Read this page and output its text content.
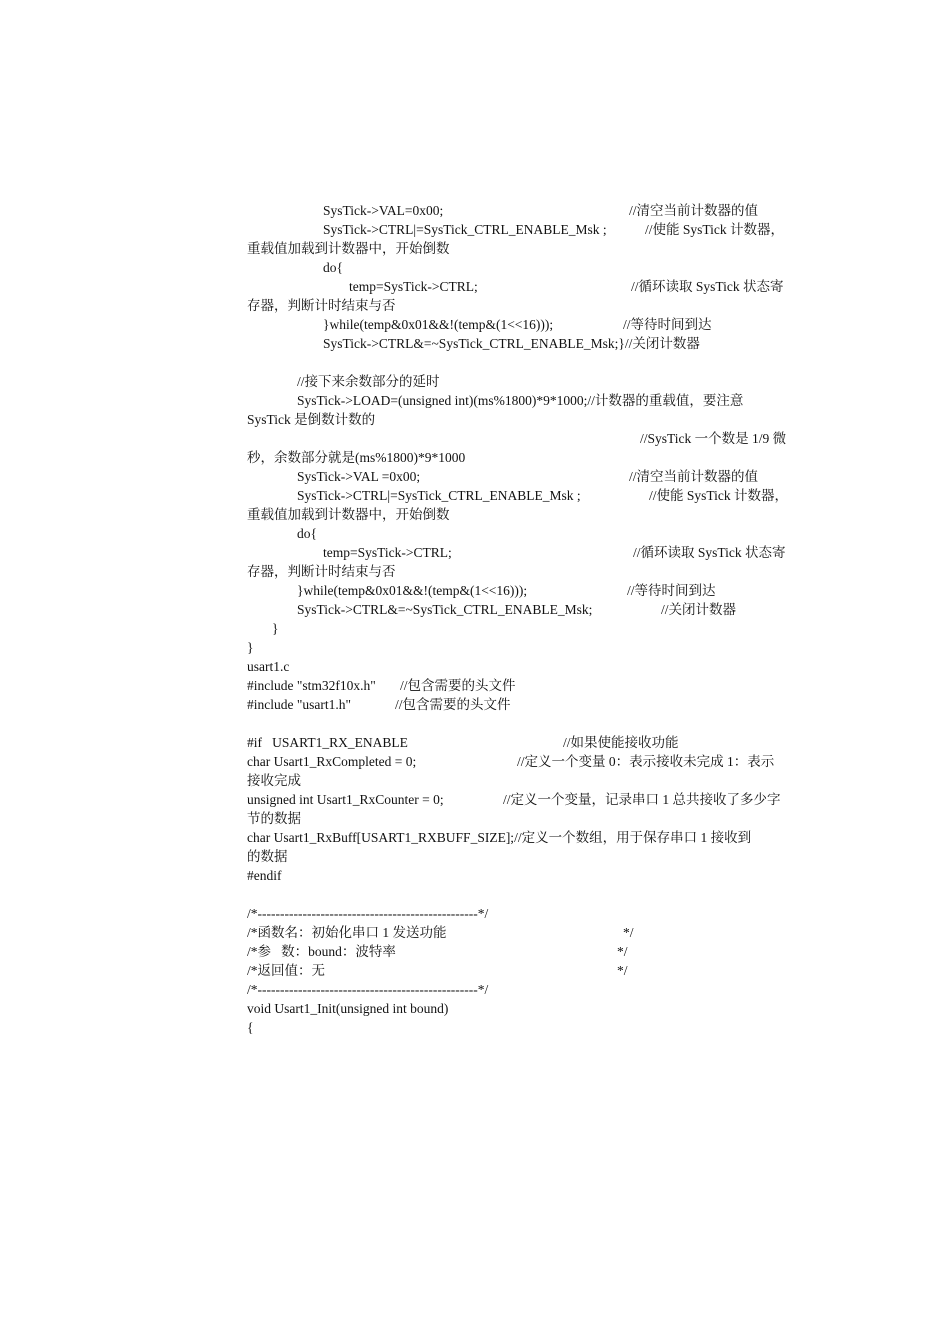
SysTick->VAL=0x00;	//清空当前计数器的值
SysTick->CTRL|=SysTick_CTRL_ENABLE_Msk ;	//使能 SysTick 计数器，
重载值加载到计数器中，开始倒数
do{
temp=SysTick->CTRL;	//循环读取 SysTick 状态寄
存器，判断计时结束与否
}while(temp&0x01&&!(temp&(1<<16)));	//等待时间到达
SysTick->CTRL&=~SysTick_CTRL_ENABLE_Msk;}//关闭计数器
//接下来余数部分的延时
SysTick->LOAD=(unsigned int)(ms%1800)*9*1000;//计数器的重载值，要注意
SysTick 是倒数计数的
//SysTick 一个数是 1/9 微
秒，余数部分就是(ms%1800)*9*1000
SysTick->VAL =0x00;	//清空当前计数器的值
SysTick->CTRL|=SysTick_CTRL_ENABLE_Msk ;	//使能 SysTick 计数器，
重载值加载到计数器中，开始倒数
do{
temp=SysTick->CTRL;	//循环读取 SysTick 状态寄
存器，判断计时结束与否
}while(temp&0x01&&!(temp&(1<<16)));	//等待时间到达
SysTick->CTRL&=~SysTick_CTRL_ENABLE_Msk;	//关闭计数器
}
}
usart1.c
#include "stm32f10x.h" //包含需要的头文件
#include "usart1.h"	//包含需要的头文件
#if   USART1_RX_ENABLE	//如果使能接收功能
char Usart1_RxCompleted = 0;	//定义一个变量 0：表示接收未完成 1：表示
接收完成
unsigned int Usart1_RxCounter = 0;	//定义一个变量，记录串口 1 总共接收了多少字
节的数据
char Usart1_RxBuff[USART1_RXBUFF_SIZE];//定义一个数组，用于保存串口 1 接收到
的数据
#endif
/*-------------------------------------------------*/
/*函数名：初始化串口 1 发送功能	*/
/*参   数：bound：波特率	*/
/*返回值：无	*/
/*-------------------------------------------------*/
void Usart1_Init(unsigned int bound)
{
